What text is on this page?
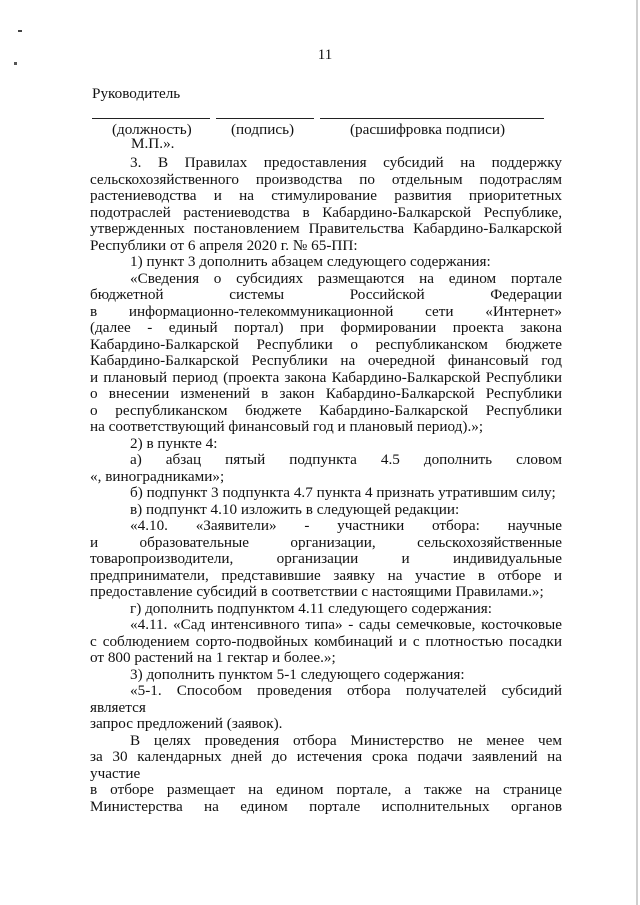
11
Руководитель
(должность)	(подпись)	(расшифровка подписи)
М.П.».

3. В Правилах предоставления субсидий на поддержку

сельскохозяйственного производства по отдельным подотраслям

растениеводства и на стимулирование развития приоритетных

подотраслей растениеводства в Кабардино-Балкарской Республике,

утвержденных постановлением Правительства Кабардино-Балкарской

Республики от 6 апреля 2020 г. № 65-ПП:

1) пункт 3 дополнить абзацем следующего содержания:

«Сведения о субсидиях размещаются на едином портале

бюджетной системы Российской Федерации

в информационно-телекоммуникационной сети «Интернет»

(далее - единый портал) при формировании проекта закона

Кабардино-Балкарской Республики о республиканском бюджете

Кабардино-Балкарской Республики на очередной финансовый год

и плановый период (проекта закона Кабардино-Балкарской Республики

о внесении изменений в закон Кабардино-Балкарской Республики

о республиканском бюджете Кабардино-Балкарской Республики

на соответствующий финансовый год и плановый период).»;

2) в пункте 4:

а) абзац пятый подпункта 4.5 дополнить словом

«, виноградниками»;

б) подпункт 3 подпункта 4.7 пункта 4 признать утратившим силу;

в) подпункт 4.10 изложить в следующей редакции:

«4.10. «Заявители» - участники отбора: научные

и образовательные организации, сельскохозяйственные

товаропроизводители, организации и индивидуальные

предприниматели, представившие заявку на участие в отборе и

предоставление субсидий в соответствии с настоящими Правилами.»;

г) дополнить подпунктом 4.11 следующего содержания:

«4.11. «Сад интенсивного типа» - сады семечковые, косточковые

с соблюдением сорто-подвойных комбинаций и с плотностью посадки

от 800 растений на 1 гектар и более.»;

3) дополнить пунктом 5-1 следующего содержания:

«5-1. Способом проведения отбора получателей субсидий является

запрос предложений (заявок).

В целях проведения отбора Министерство не менее чем

за 30 календарных дней до истечения срока подачи заявлений на участие

в отборе размещает на едином портале, а также на странице

Министерства на едином портале исполнительных органов
